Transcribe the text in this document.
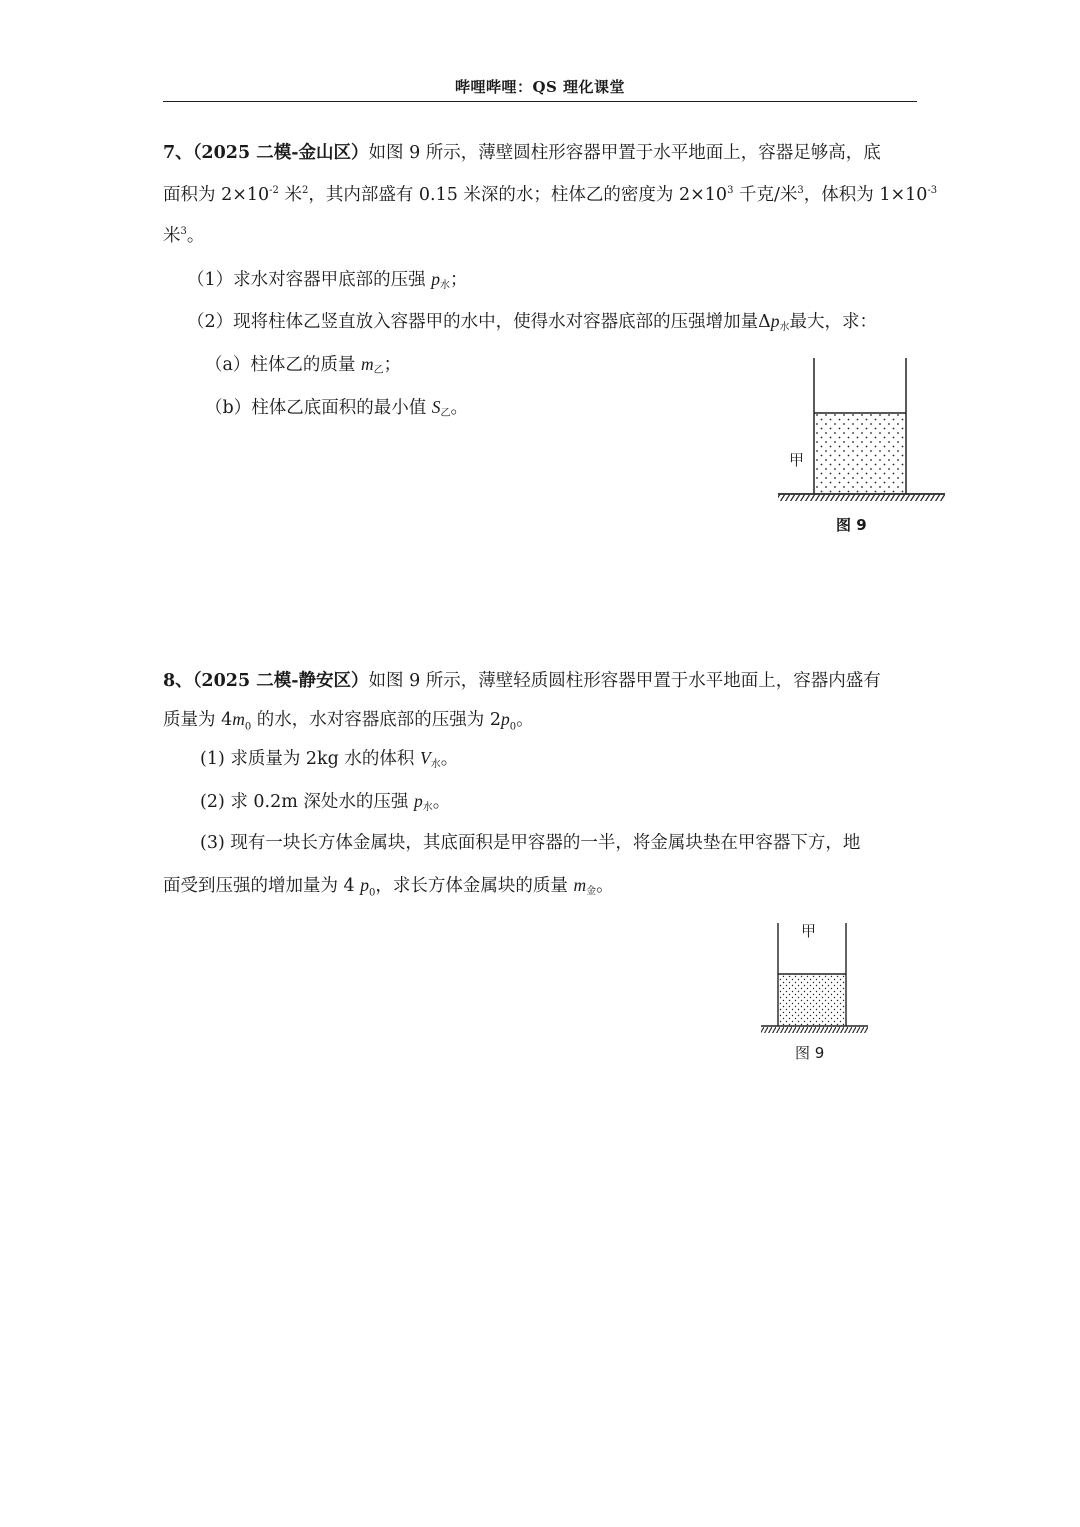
哔哩哔哩：QS 理化课堂
7、（2025 二模-金山区）如图 9 所示，薄壁圆柱形容器甲置于水平地面上，容器足够高，底
面积为 $2\times 10^{-2}$ 米$^2$，其内部盛有 0.15 米深的水；柱体乙的密度为 $2\times 10^3$ 千克/米$^3$，体积为 $1\times 10^{-3}$
米$^3$。
（1）求水对容器甲底部的压强 p水；
（2）现将柱体乙竖直放入容器甲的水中，使得水对容器底部的压强增加量Δp水最大，求：
（a）柱体乙的质量 m乙；
（b）柱体乙底面积的最小值 S乙。
甲
图 9
8、（2025 二模-静安区）如图 9 所示，薄壁轻质圆柱形容器甲置于水平地面上，容器内盛有
质量为 $4m_0$ 的水，水对容器底部的压强为 $2p_0$。
(1) 求质量为 2kg 水的体积 V水。
(2) 求 0.2m 深处水的压强 p水。
(3) 现有一块长方体金属块，其底面积是甲容器的一半，将金属块垫在甲容器下方，地
面受到压强的增加量为 4 $p_0$，求长方体金属块的质量 m金。
甲
图 9
